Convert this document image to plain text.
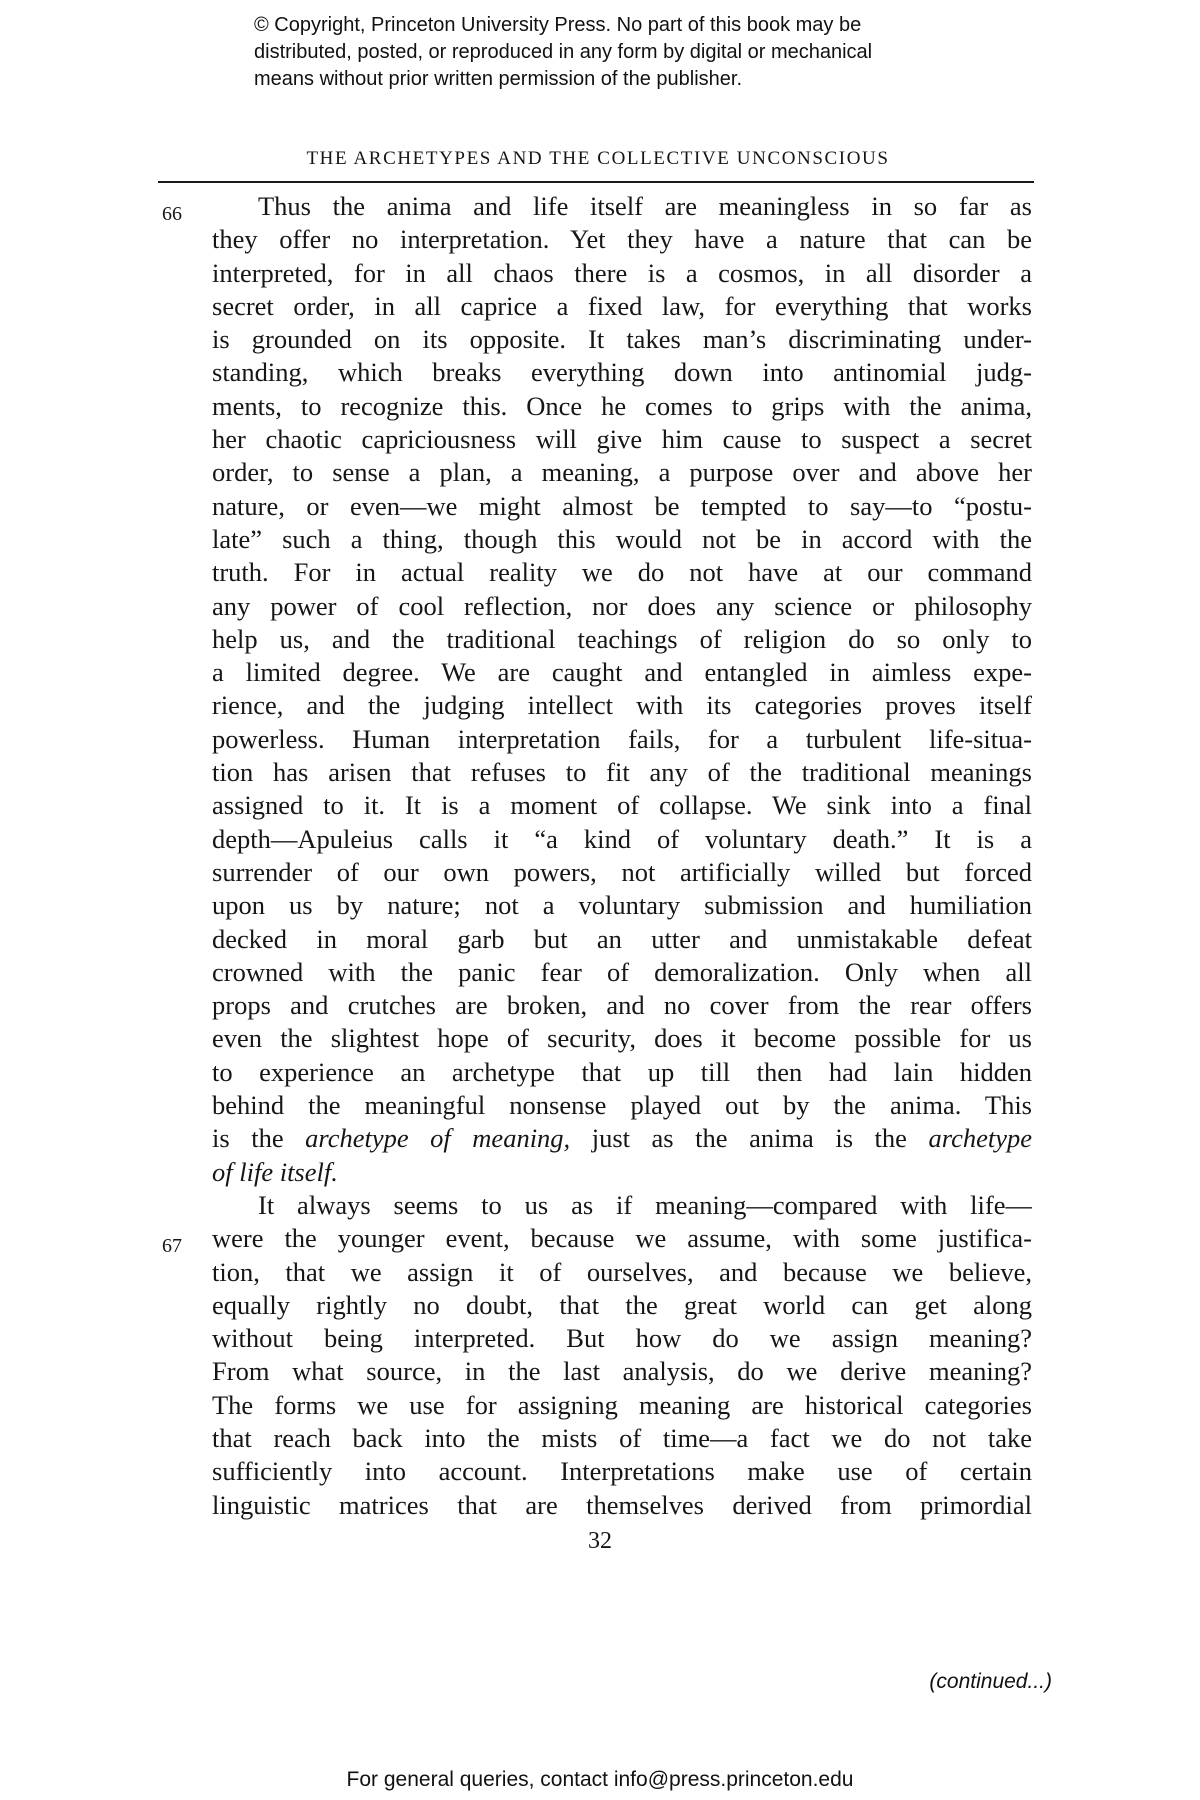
© Copyright, Princeton University Press. No part of this book may be
distributed, posted, or reproduced in any form by digital or mechanical
means without prior written permission of the publisher.
THE ARCHETYPES AND THE COLLECTIVE UNCONSCIOUS
66	Thus the anima and life itself are meaningless in so far as
they offer no interpretation. Yet they have a nature that can be
interpreted, for in all chaos there is a cosmos, in all disorder a
secret order, in all caprice a fixed law, for everything that works
is grounded on its opposite. It takes man’s discriminating under-
standing, which breaks everything down into antinomial judg-
ments, to recognize this. Once he comes to grips with the anima,
her chaotic capriciousness will give him cause to suspect a secret
order, to sense a plan, a meaning, a purpose over and above her
nature, or even—we might almost be tempted to say—to “postu-
late” such a thing, though this would not be in accord with the
truth. For in actual reality we do not have at our command
any power of cool reflection, nor does any science or philosophy
help us, and the traditional teachings of religion do so only to
a limited degree. We are caught and entangled in aimless expe-
rience, and the judging intellect with its categories proves itself
powerless. Human interpretation fails, for a turbulent life-situa-
tion has arisen that refuses to fit any of the traditional meanings
assigned to it. It is a moment of collapse. We sink into a final
depth—Apuleius calls it “a kind of voluntary death.” It is a
surrender of our own powers, not artificially willed but forced
upon us by nature; not a voluntary submission and humiliation
decked in moral garb but an utter and unmistakable defeat
crowned with the panic fear of demoralization. Only when all
props and crutches are broken, and no cover from the rear offers
even the slightest hope of security, does it become possible for us
to experience an archetype that up till then had lain hidden
behind the meaningful nonsense played out by the anima. This
is the archetype of meaning, just as the anima is the archetype
of life itself.
67
It always seems to us as if meaning—compared with life—
were the younger event, because we assume, with some justifica-
tion, that we assign it of ourselves, and because we believe,
equally rightly no doubt, that the great world can get along
without being interpreted. But how do we assign meaning?
From what source, in the last analysis, do we derive meaning?
The forms we use for assigning meaning are historical categories
that reach back into the mists of time—a fact we do not take
sufficiently into account. Interpretations make use of certain
linguistic matrices that are themselves derived from primordial
32
(continued...)
For general queries, contact info@press.princeton.edu
